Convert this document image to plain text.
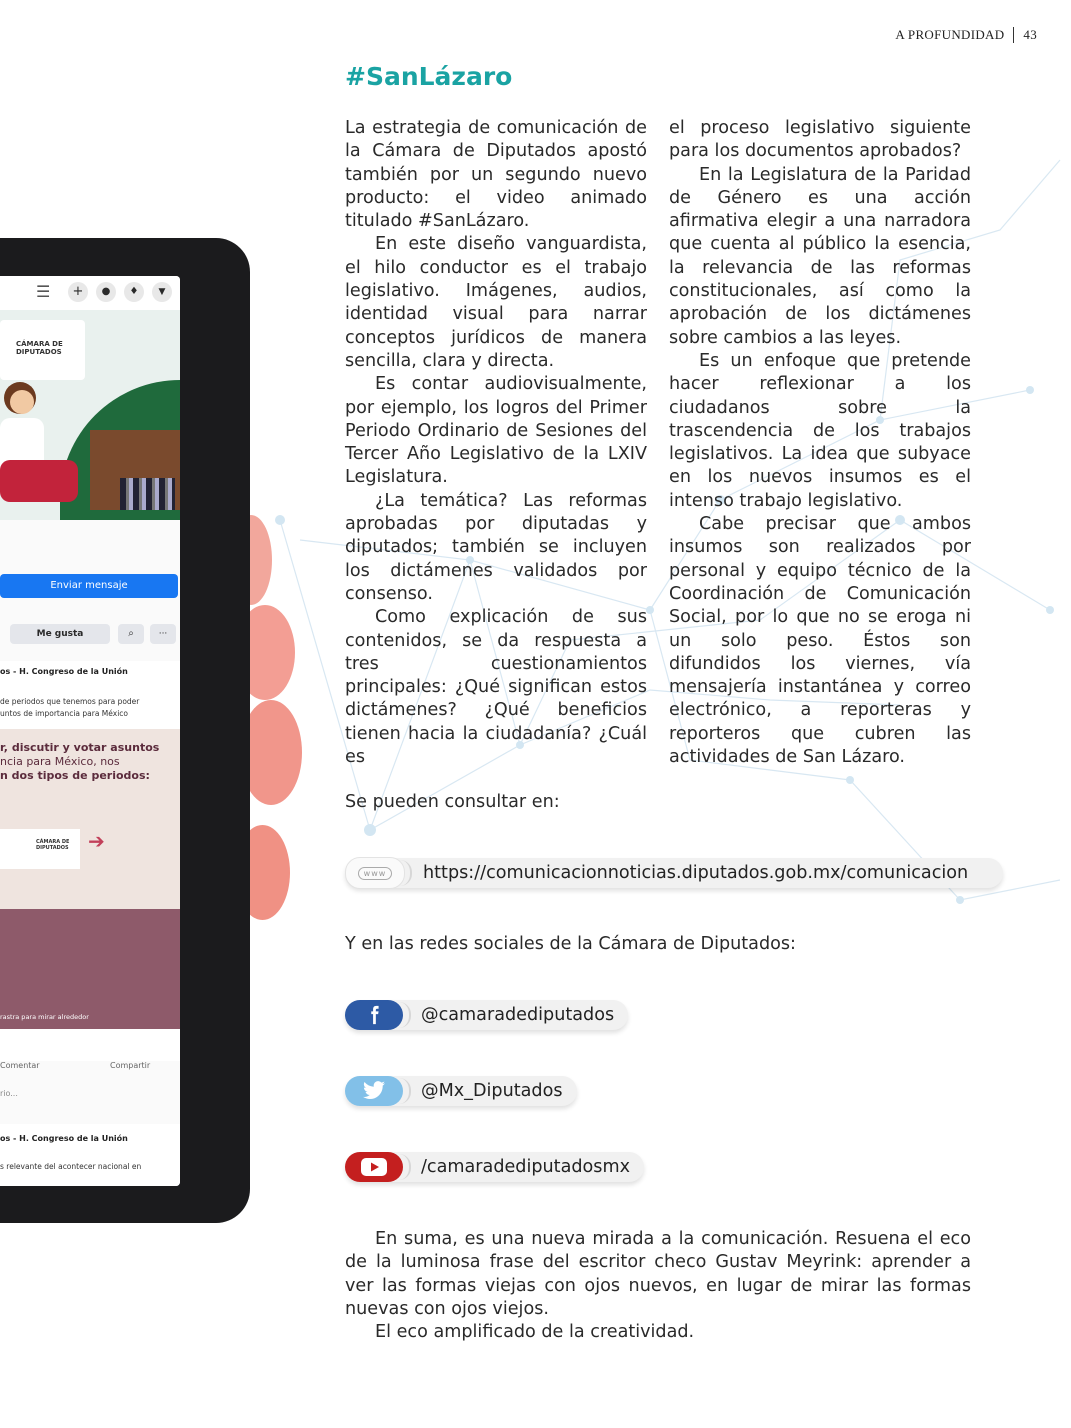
A PROFUNDIDAD 43
#SanLázaro

La estrategia de comunicación de la Cámara de Diputados apostó también por un segundo nuevo producto: el video animado titulado #SanLázaro.

En este diseño vanguardista, el hilo conductor es el trabajo legislativo. Imágenes, audios, identidad visual para narrar conceptos jurídicos de manera sencilla, clara y directa.

Es contar audiovisualmente, por ejemplo, los logros del Primer Periodo Ordinario de Sesiones del Tercer Año Legislativo de la LXIV Legislatura.

¿La temática? Las reformas aprobadas por diputadas y diputados; también se incluyen los dictámenes validados por consenso.

Como explicación de sus contenidos, se da respuesta a tres cuestionamientos principales: ¿Qué significan estos dictámenes? ¿Qué beneficios tienen hacia la ciudadanía? ¿Cuál es

el proceso legislativo siguiente para los documentos aprobados?

En la Legislatura de la Paridad de Género es una acción afirmativa elegir a una narradora que cuenta al público la esencia, la relevancia de las reformas constitucionales, así como la aprobación de los dictámenes sobre cambios a las leyes.

Es un enfoque que pretende hacer reflexionar a los ciudadanos sobre la trascendencia de los trabajos legislativos. La idea que subyace en los nuevos insumos es el intenso trabajo legislativo.

Cabe precisar que ambos insumos son realizados por personal y equipo técnico de la Coordinación de Comunicación Social, por lo que no se eroga ni un solo peso. Éstos son difundidos los viernes, vía mensajería instantánea y correo electrónico, a reporteras y reporteros que cubren las actividades de San Lázaro.

Se pueden consultar en:
www	https://comunicacionnoticias.diputados.gob.mx/comunicacion
Y en las redes sociales de la Cámara de Diputados:
@camaradediputados
@Mx_Diputados
/camaradediputadosmx

En suma, es una nueva mirada a la comunicación. Resuena el eco de la luminosa frase del escritor checo Gustav Meyrink: aprender a ver las formas viejas con ojos nuevos, en lugar de mirar las formas nuevas con ojos viejos.

El eco amplificado de la creatividad.

☰	+	●	♦	▼
CÁMARA DE DIPUTADOS
Enviar mensaje
Me gusta	⌕	···
os - H. Congreso de la Unión
de periodos que tenemos para poder
untos de importancia para México
r, discutir y votar asuntos
ncia para México, nos
n dos tipos de periodos:
CÁMARA DE DIPUTADOS ➔
rastra para mirar alrededor
Comentar	Compartir
rio...
os - H. Congreso de la Unión
s relevante del acontecer nacional en
